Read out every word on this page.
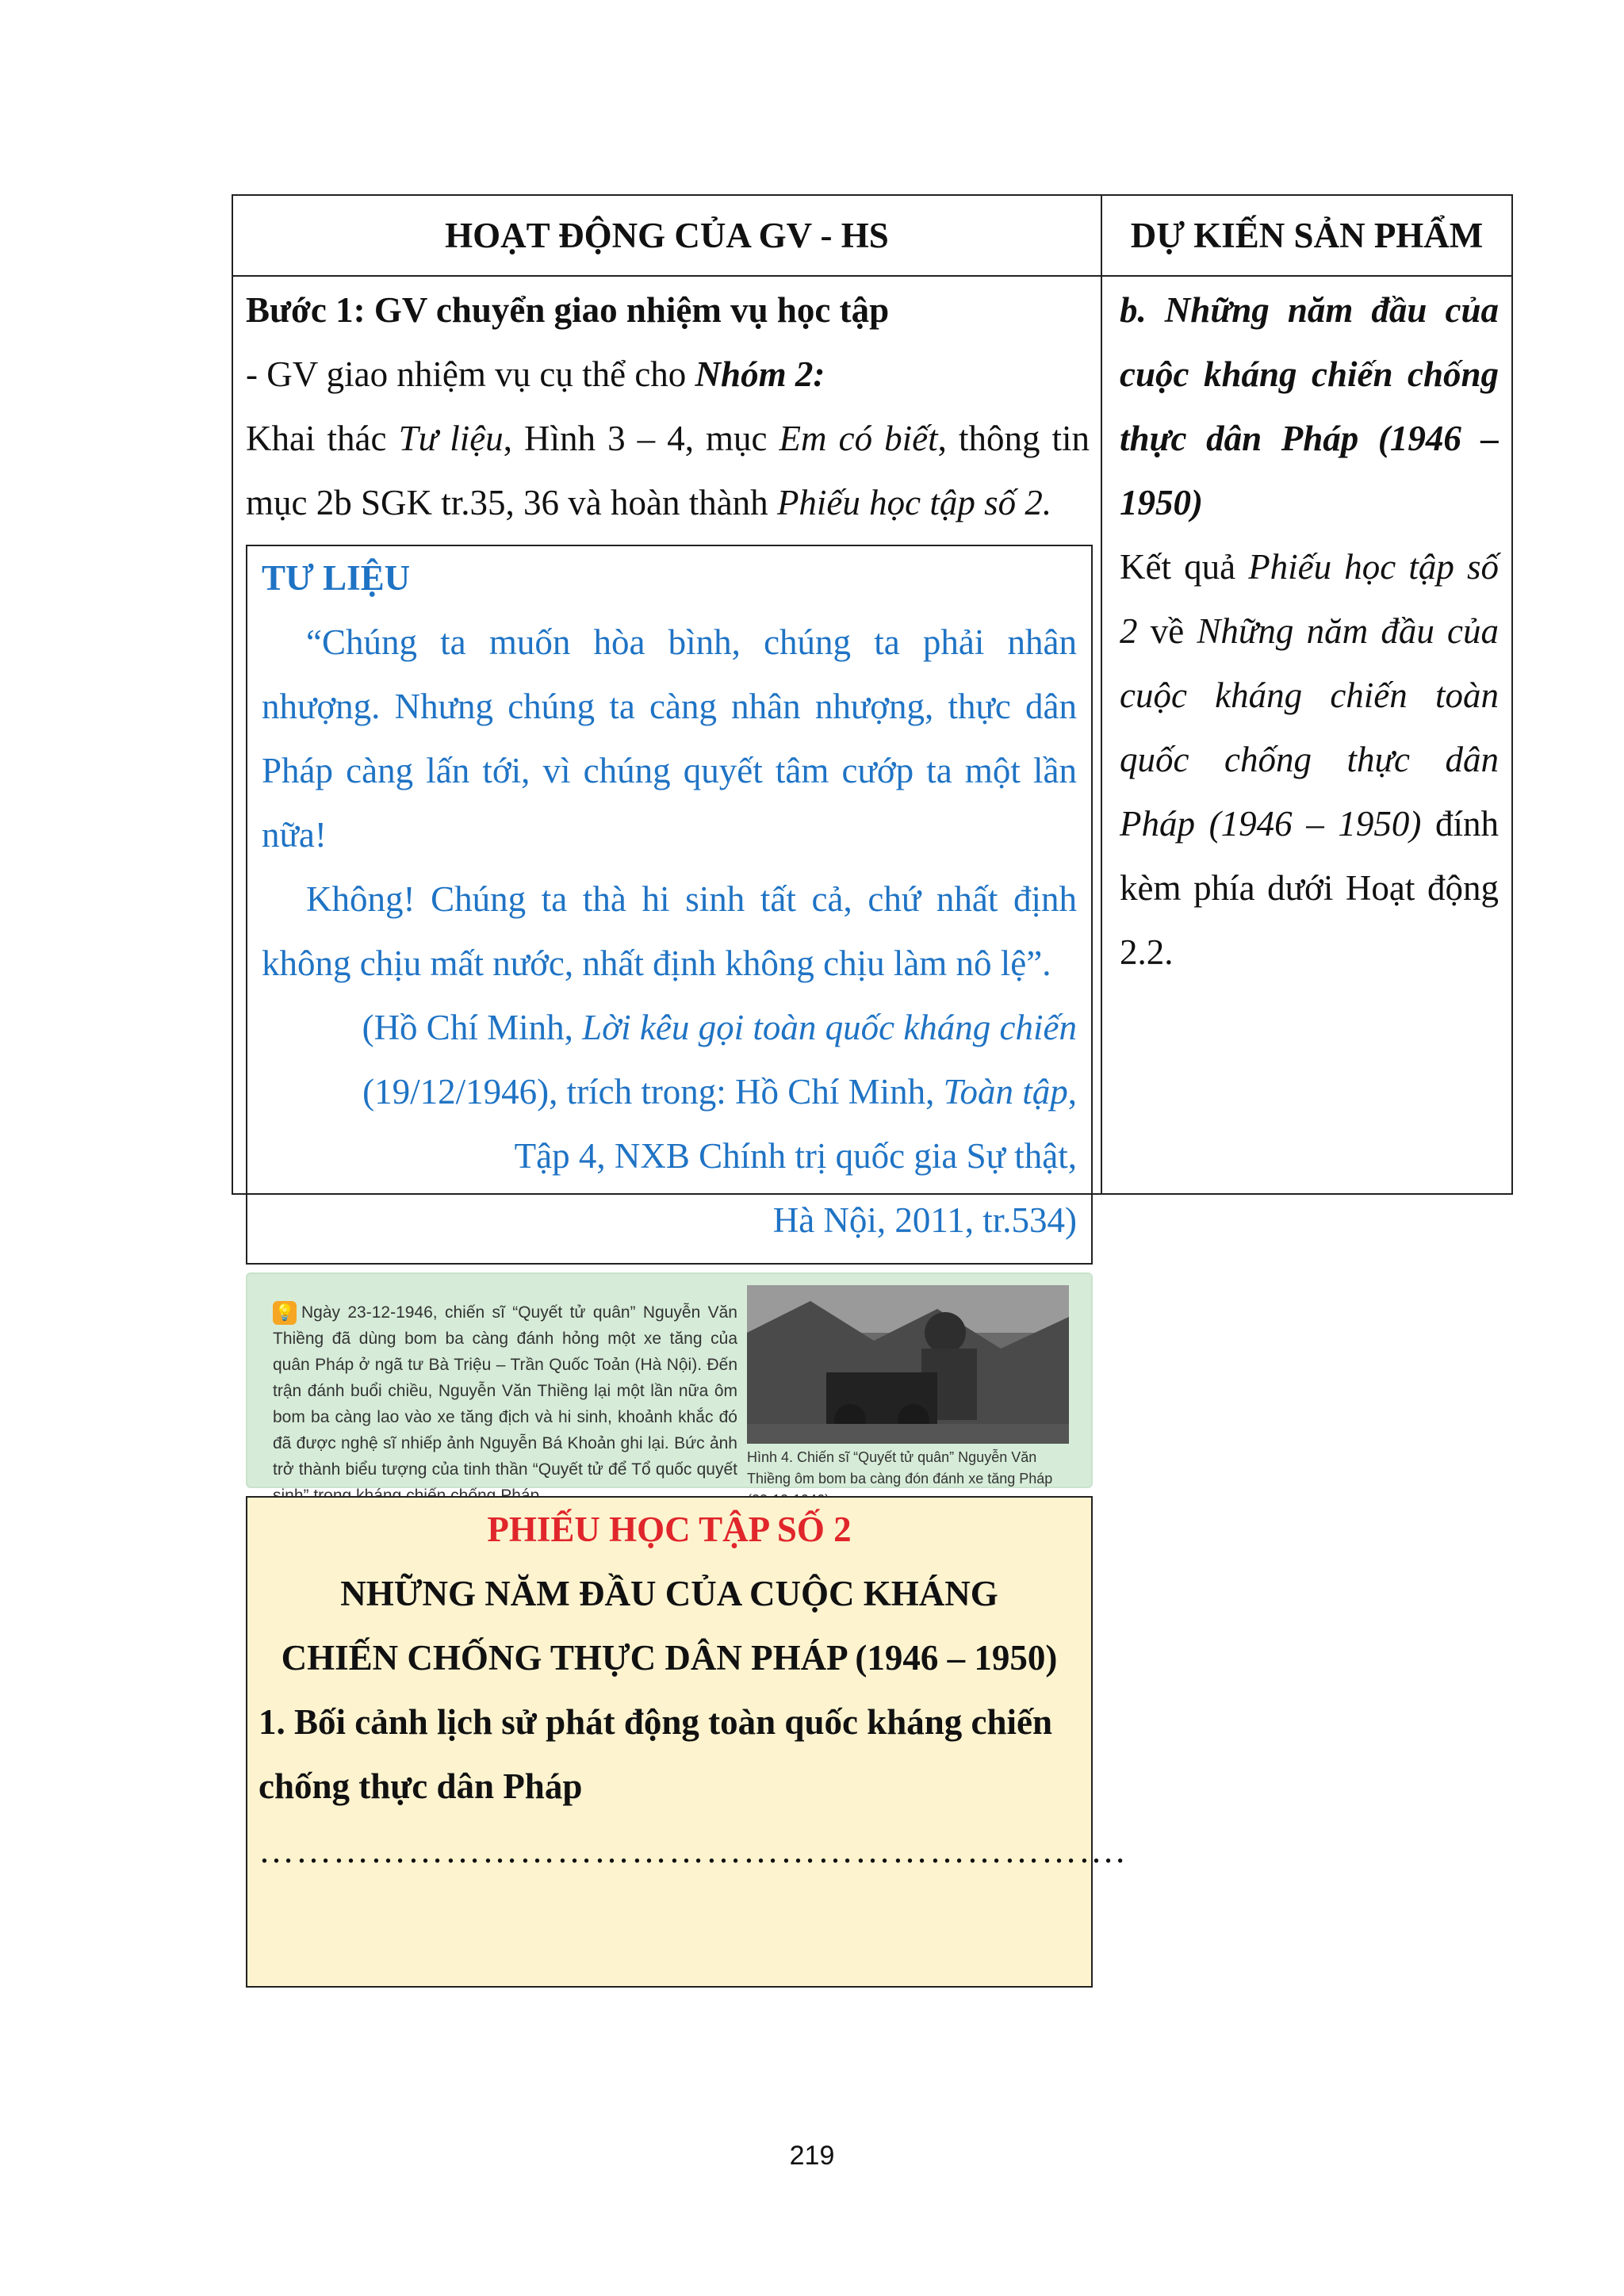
HOẠT ĐỘNG CỦA GV - HS	DỰ KIẾN SẢN PHẨM

Bước 1: GV chuyển giao nhiệm vụ học tập

- GV giao nhiệm vụ cụ thể cho Nhóm 2:

Khai thác Tư liệu, Hình 3 – 4, mục Em có biết, thông tin

mục 2b SGK tr.35, 36 và hoàn thành Phiếu học tập số 2.

TƯ LIỆU

“Chúng ta muốn hòa bình, chúng ta phải nhân nhượng. Nhưng chúng ta càng nhân nhượng, thực dân Pháp càng lấn tới, vì chúng quyết tâm cướp ta một lần nữa!

Không! Chúng ta thà hi sinh tất cả, chứ nhất định không chịu mất nước, nhất định không chịu làm nô lệ”.

(Hồ Chí Minh, Lời kêu gọi toàn quốc kháng chiến

(19/12/1946), trích trong: Hồ Chí Minh, Toàn tập,

Tập 4, NXB Chính trị quốc gia Sự thật,

Hà Nội, 2011, tr.534)

💡 Ngày 23-12-1946, chiến sĩ “Quyết tử quân” Nguyễn Văn Thiềng đã dùng bom ba càng đánh hỏng một xe tăng của quân Pháp ở ngã tư Bà Triệu – Trần Quốc Toản (Hà Nội). Đến trận đánh buổi chiều, Nguyễn Văn Thiềng lại một lần nữa ôm bom ba càng lao vào xe tăng địch và hi sinh, khoảnh khắc đó đã được nghệ sĩ nhiếp ảnh Nguyễn Bá Khoản ghi lại. Bức ảnh trở thành biểu tượng của tinh thần “Quyết tử để Tổ quốc quyết
Hình 4. Chiến sĩ “Quyết tử quân” Nguyễn Văn Thiềng ôm bom ba càng đón đánh xe tăng Pháp

PHIẾU HỌC TẬP SỐ 2

NHỮNG NĂM ĐẦU CỦA CUỘC KHÁNG

CHIẾN CHỐNG THỰC DÂN PHÁP (1946 – 1950)

1. Bối cảnh lịch sử phát động toàn quốc kháng chiến chống thực dân Pháp

…………………………………………………………….

b. Những năm đầu của cuộc kháng chiến chống thực dân Pháp (1946 – 1950)

Kết quả Phiếu học tập số 2 về Những năm đầu của cuộc kháng chiến toàn quốc chống thực dân Pháp (1946 – 1950) đính kèm phía dưới Hoạt động 2.2.

219
